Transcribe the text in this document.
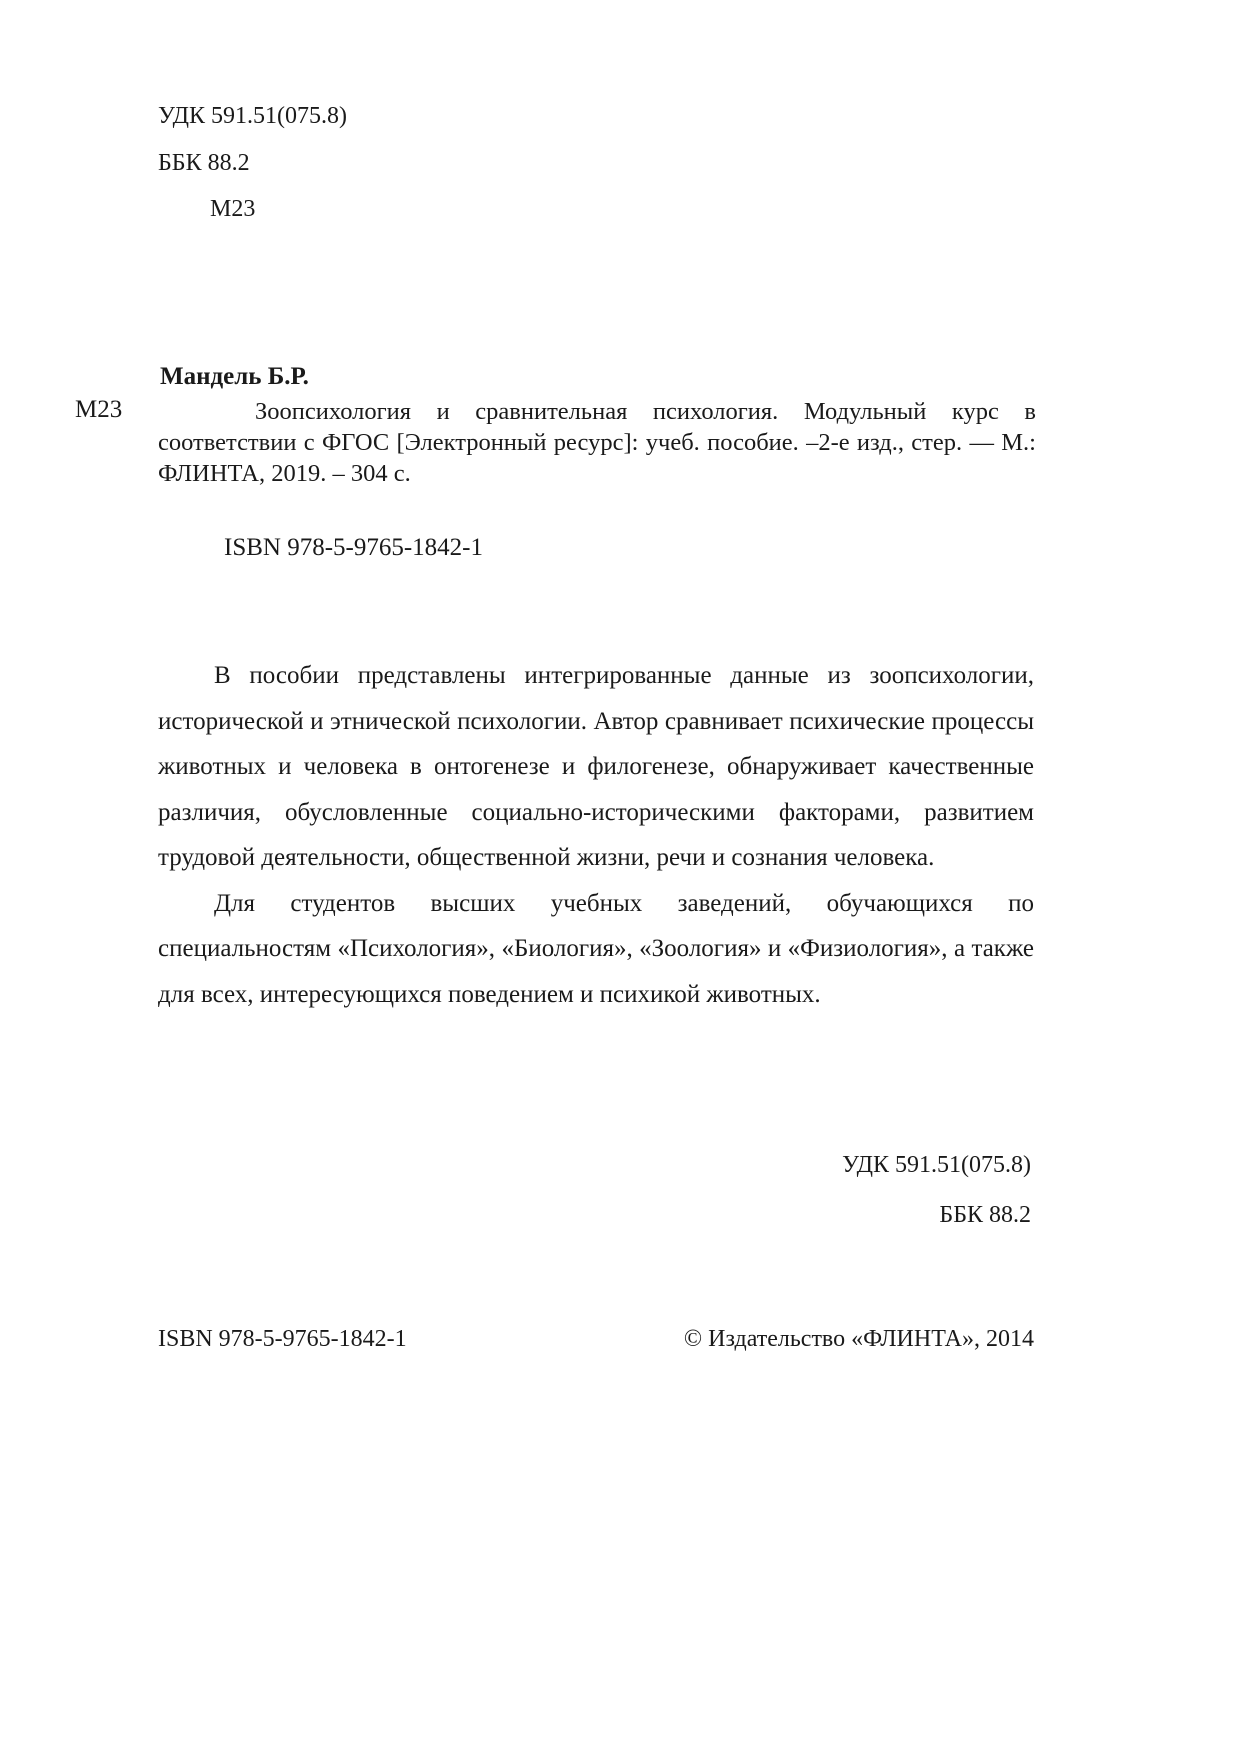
УДК 591.51(075.8)
ББК 88.2
М23
Мандель Б.Р.
М23	Зоопсихология и сравнительная психология. Модульный курс в соответствии с ФГОС [Электронный ресурс]: учеб. пособие. –2-е изд., стер. — М.: ФЛИНТА, 2019. – 304 с.

ISBN 978-5-9765-1842-1

В пособии представлены интегрированные данные из зоопсихологии, исторической и этнической психологии. Автор сравнивает психические процессы животных и человека в онтогенезе и филогенезе, обнаруживает качественные различия, обусловленные социально-историческими факторами, развитием трудовой деятельности, общественной жизни, речи и сознания человека.

Для студентов высших учебных заведений, обучающихся по специальностям «Психология», «Биология», «Зоология» и «Физиология», а также для всех, интересующихся поведением и психикой животных.

УДК 591.51(075.8)
ББК 88.2
ISBN 978-5-9765-1842-1	© Издательство «ФЛИНТА», 2014
